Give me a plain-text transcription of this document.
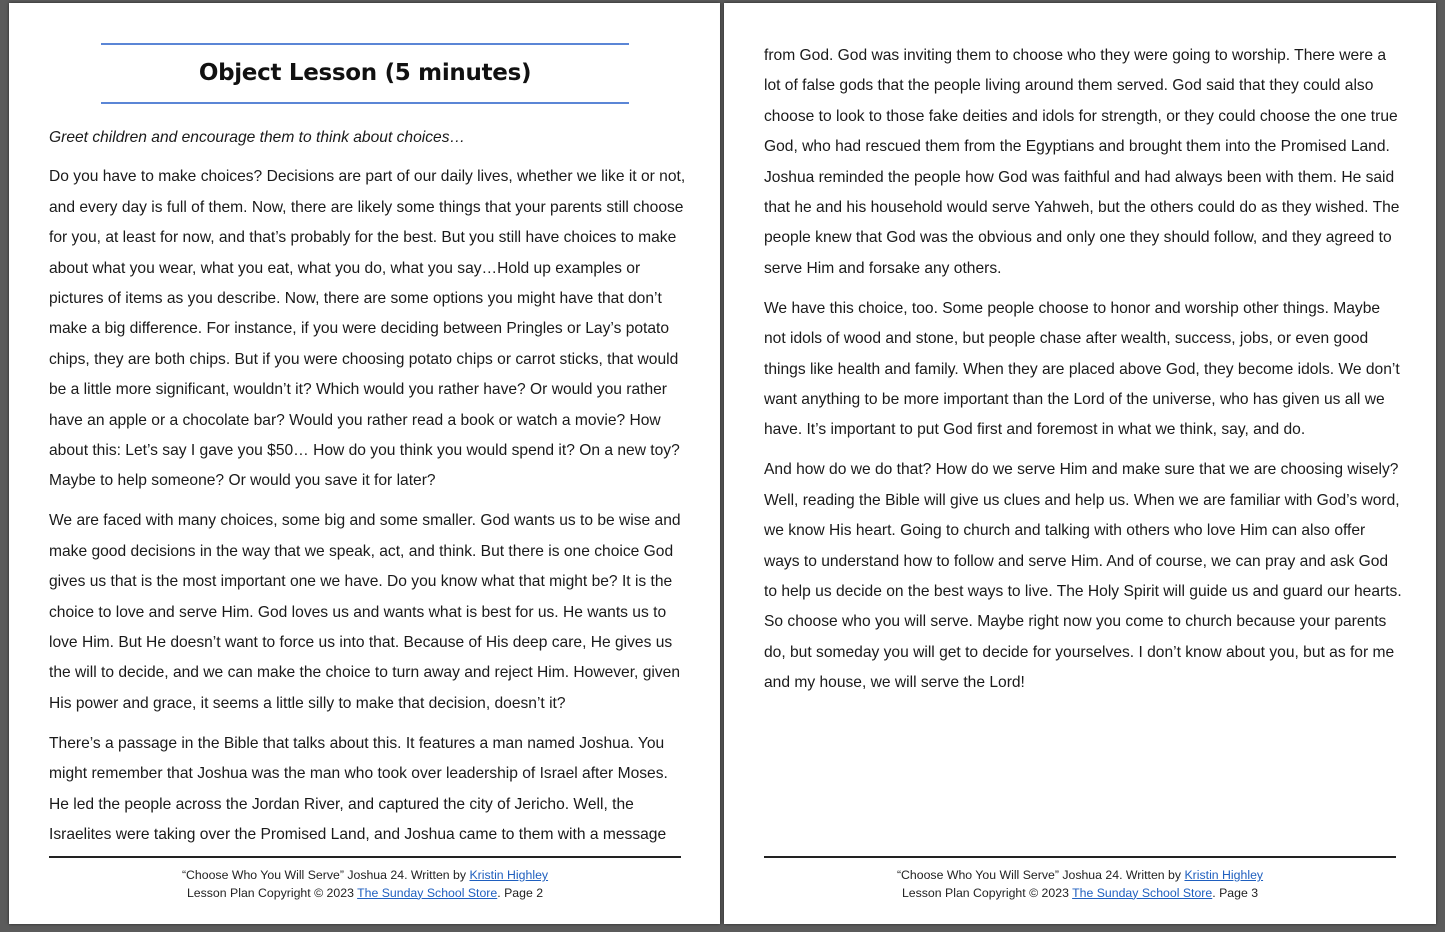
Object Lesson (5 minutes)

Greet children and encourage them to think about choices…

Do you have to make choices? Decisions are part of our daily lives, whether we like it or not, and every day is full of them. Now, there are likely some things that your parents still choose for you, at least for now, and that’s probably for the best. But you still have choices to make about what you wear, what you eat, what you do, what you say…Hold up examples or pictures of items as you describe. Now, there are some options you might have that don’t make a big difference. For instance, if you were deciding between Pringles or Lay’s potato chips, they are both chips. But if you were choosing potato chips or carrot sticks, that would be a little more significant, wouldn’t it? Which would you rather have? Or would you rather have an apple or a chocolate bar? Would you rather read a book or watch a movie? How about this: Let’s say I gave you $50… How do you think you would spend it? On a new toy? Maybe to help someone? Or would you save it for later?

We are faced with many choices, some big and some smaller. God wants us to be wise and make good decisions in the way that we speak, act, and think. But there is one choice God gives us that is the most important one we have. Do you know what that might be? It is the choice to love and serve Him. God loves us and wants what is best for us. He wants us to love Him. But He doesn’t want to force us into that. Because of His deep care, He gives us the will to decide, and we can make the choice to turn away and reject Him. However, given His power and grace, it seems a little silly to make that decision, doesn’t it?

There’s a passage in the Bible that talks about this. It features a man named Joshua. You might remember that Joshua was the man who took over leadership of Israel after Moses. He led the people across the Jordan River, and captured the city of Jericho. Well, the Israelites were taking over the Promised Land, and Joshua came to them with a message

“Choose Who You Will Serve” Joshua 24. Written by Kristin Highley
Lesson Plan Copyright © 2023 The Sunday School Store. Page 2

from God. God was inviting them to choose who they were going to worship. There were a lot of false gods that the people living around them served. God said that they could also choose to look to those fake deities and idols for strength, or they could choose the one true God, who had rescued them from the Egyptians and brought them into the Promised Land. Joshua reminded the people how God was faithful and had always been with them. He said that he and his household would serve Yahweh, but the others could do as they wished. The people knew that God was the obvious and only one they should follow, and they agreed to serve Him and forsake any others.

We have this choice, too. Some people choose to honor and worship other things. Maybe not idols of wood and stone, but people chase after wealth, success, jobs, or even good things like health and family. When they are placed above God, they become idols. We don’t want anything to be more important than the Lord of the universe, who has given us all we have. It’s important to put God first and foremost in what we think, say, and do.

And how do we do that? How do we serve Him and make sure that we are choosing wisely? Well, reading the Bible will give us clues and help us. When we are familiar with God’s word, we know His heart. Going to church and talking with others who love Him can also offer ways to understand how to follow and serve Him. And of course, we can pray and ask God to help us decide on the best ways to live. The Holy Spirit will guide us and guard our hearts. So choose who you will serve. Maybe right now you come to church because your parents do, but someday you will get to decide for yourselves. I don’t know about you, but as for me and my house, we will serve the Lord!

“Choose Who You Will Serve” Joshua 24. Written by Kristin Highley
Lesson Plan Copyright © 2023 The Sunday School Store. Page 3
